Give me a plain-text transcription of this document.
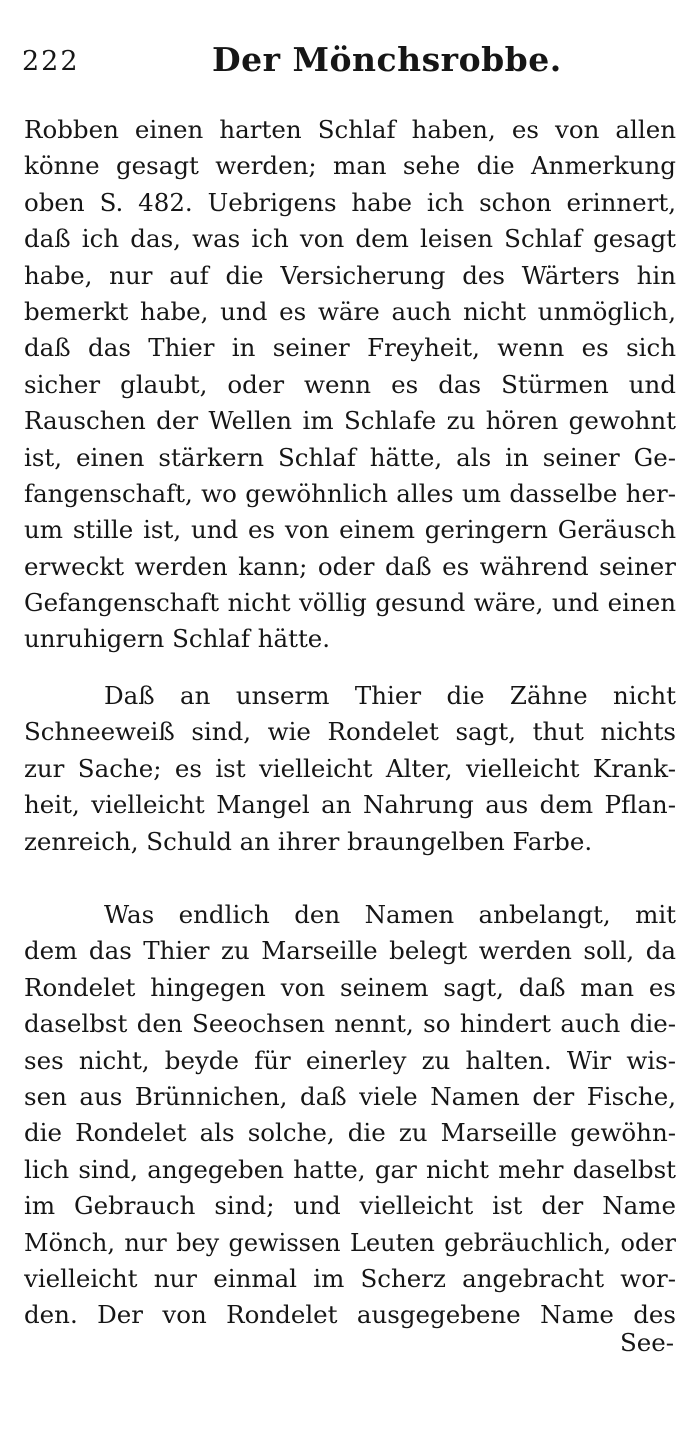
222	Der Mönchsrobbe.
Robben einen harten Schlaf haben, es von allen
könne gesagt werden; man sehe die Anmerkung
oben S. 482. Uebrigens habe ich schon erinnert,
daß ich das, was ich von dem leisen Schlaf gesagt
habe, nur auf die Versicherung des Wärters hin
bemerkt habe, und es wäre auch nicht unmöglich,
daß das Thier in seiner Freyheit, wenn es sich
sicher glaubt, oder wenn es das Stürmen und
Rauschen der Wellen im Schlafe zu hören gewohnt
ist, einen stärkern Schlaf hätte, als in seiner Ge-
fangenschaft, wo gewöhnlich alles um dasselbe her-
um stille ist, und es von einem geringern Geräusch
erweckt werden kann; oder daß es während seiner
Gefangenschaft nicht völlig gesund wäre, und einen
unruhigern Schlaf hätte.
Daß an unserm Thier die Zähne nicht
Schneeweiß sind, wie Rondelet sagt, thut nichts
zur Sache; es ist vielleicht Alter, vielleicht Krank-
heit, vielleicht Mangel an Nahrung aus dem Pflan-
zenreich, Schuld an ihrer braungelben Farbe.
Was endlich den Namen anbelangt, mit
dem das Thier zu Marseille belegt werden soll, da
Rondelet hingegen von seinem sagt, daß man es
daselbst den Seeochsen nennt, so hindert auch die-
ses nicht, beyde für einerley zu halten. Wir wis-
sen aus Brünnichen, daß viele Namen der Fische,
die Rondelet als solche, die zu Marseille gewöhn-
lich sind, angegeben hatte, gar nicht mehr daselbst
im Gebrauch sind; und vielleicht ist der Name
Mönch, nur bey gewissen Leuten gebräuchlich, oder
vielleicht nur einmal im Scherz angebracht wor-
den. Der von Rondelet ausgegebene Name des
See-
